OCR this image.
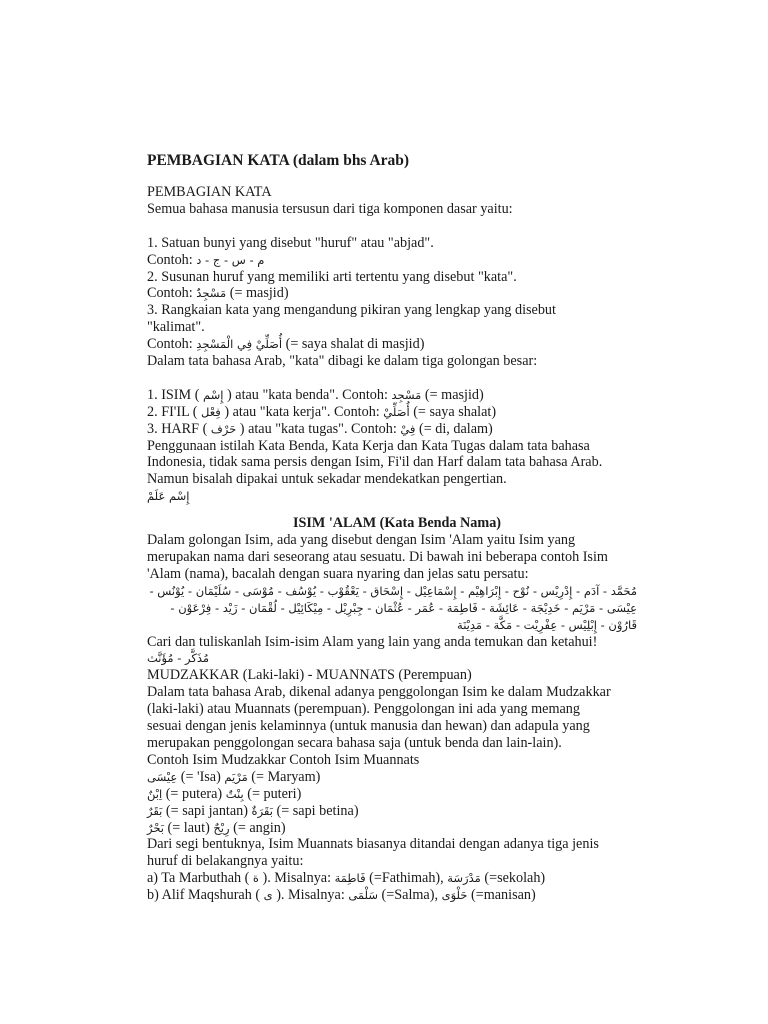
PEMBAGIAN KATA (dalam bhs Arab)
PEMBAGIAN KATA
Semua bahasa manusia tersusun dari tiga komponen dasar yaitu:
1. Satuan bunyi yang disebut "huruf" atau "abjad".
Contoh: م - س - ج - د
2. Susunan huruf yang memiliki arti tertentu yang disebut "kata".
Contoh: مَسْجِدٌ (= masjid)
3. Rangkaian kata yang mengandung pikiran yang lengkap yang disebut
"kalimat".
Contoh: أُصَلِّيْ فِي الْمَسْجِدِ (= saya shalat di masjid)
Dalam tata bahasa Arab, "kata" dibagi ke dalam tiga golongan besar:
1. ISIM ( إِسْم ) atau "kata benda". Contoh: مَسْجِد (= masjid)
2. FI'IL ( فِعْل ) atau "kata kerja". Contoh: أُصَلِّيْ (= saya shalat)
3. HARF ( حَرْف ) atau "kata tugas". Contoh: فِيْ (= di, dalam)
Penggunaan istilah Kata Benda, Kata Kerja dan Kata Tugas dalam tata bahasa
Indonesia, tidak sama persis dengan Isim, Fi'il dan Harf dalam tata bahasa Arab.
Namun bisalah dipakai untuk sekadar mendekatkan pengertian.
إِسْم عَلَمْ
ISIM 'ALAM (Kata Benda Nama)
Dalam golongan Isim, ada yang disebut dengan Isim 'Alam yaitu Isim yang
merupakan nama dari seseorang atau sesuatu. Di bawah ini beberapa contoh Isim
'Alam (nama), bacalah dengan suara nyaring dan jelas satu persatu:
مُحَمَّد - آدَم - إِدْرِيْس - نُوْح - إِبْرَاهِيْم - إِسْمَاعِيْل - إِسْحَاق - يَعْقُوْب - يُوْسُف - مُوْسَى - سُلَيْمَان - يُوْنُس -
عِيْسَى - مَرْيَم - خَدِيْجَة - عَائِشَة - فَاطِمَة - عُمَر - عُثْمَان - جِبْرِيْل - مِيْكَائِيْل - لُقْمَان - زَيْد - فِرْعَوْن -
قَارُوْن - إِبْلِيْس - عِفْرِيْت - مَكَّة - مَدِيْنَة
Cari dan tuliskanlah Isim-isim Alam yang lain yang anda temukan dan ketahui!
مُذَكَّر - مُؤَنَّث
MUDZAKKAR (Laki-laki) - MUANNATS (Perempuan)
Dalam tata bahasa Arab, dikenal adanya penggolongan Isim ke dalam Mudzakkar
(laki-laki) atau Muannats (perempuan). Penggolongan ini ada yang memang
sesuai dengan jenis kelaminnya (untuk manusia dan hewan) dan adapula yang
merupakan penggolongan secara bahasa saja (untuk benda dan lain-lain).
Contoh Isim Mudzakkar Contoh Isim Muannats
عِيْسَى (= 'Isa) مَرْيَم (= Maryam)
اِبْنٌ (= putera) بِنْتٌ (= puteri)
بَقَرٌ (= sapi jantan) بَقَرَةٌ (= sapi betina)
بَحْرٌ (= laut) رِيْحٌ (= angin)
Dari segi bentuknya, Isim Muannats biasanya ditandai dengan adanya tiga jenis
huruf di belakangnya yaitu:
a) Ta Marbuthah ( ة ). Misalnya: فَاطِمَة (=Fathimah), مَدْرَسَة (=sekolah)
b) Alif Maqshurah ( ى ). Misalnya: سَلْمَى (=Salma), حَلْوَى (=manisan)
